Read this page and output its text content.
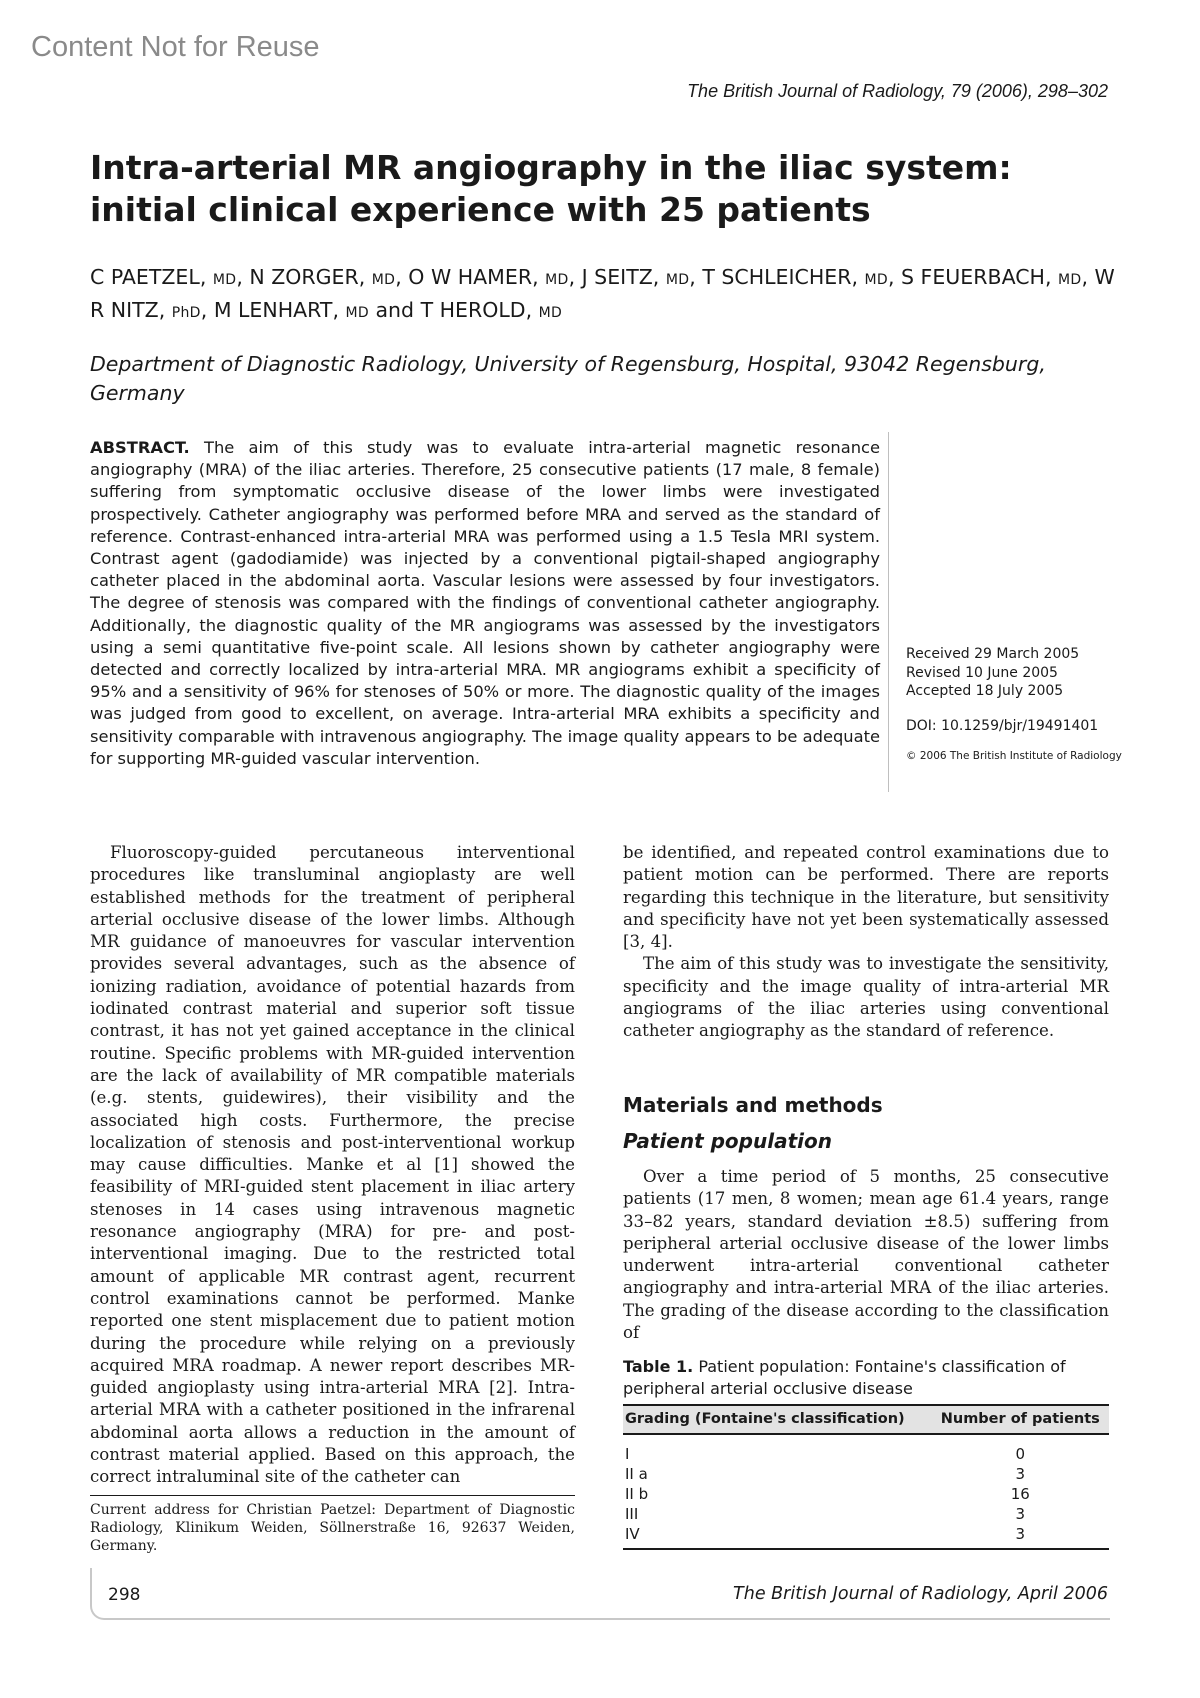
Content Not for Reuse
The British Journal of Radiology, 79 (2006), 298–302
Intra-arterial MR angiography in the iliac system: initial clinical experience with 25 patients
C PAETZEL, MD, N ZORGER, MD, O W HAMER, MD, J SEITZ, MD, T SCHLEICHER, MD, S FEUERBACH, MD, W R NITZ, PhD, M LENHART, MD and T HEROLD, MD
Department of Diagnostic Radiology, University of Regensburg, Hospital, 93042 Regensburg, Germany
ABSTRACT. The aim of this study was to evaluate intra-arterial magnetic resonance angiography (MRA) of the iliac arteries. Therefore, 25 consecutive patients (17 male, 8 female) suffering from symptomatic occlusive disease of the lower limbs were investigated prospectively. Catheter angiography was performed before MRA and served as the standard of reference. Contrast-enhanced intra-arterial MRA was performed using a 1.5 Tesla MRI system. Contrast agent (gadodiamide) was injected by a conventional pigtail-shaped angiography catheter placed in the abdominal aorta. Vascular lesions were assessed by four investigators. The degree of stenosis was compared with the findings of conventional catheter angiography. Additionally, the diagnostic quality of the MR angiograms was assessed by the investigators using a semi quantitative five-point scale. All lesions shown by catheter angiography were detected and correctly localized by intra-arterial MRA. MR angiograms exhibit a specificity of 95% and a sensitivity of 96% for stenoses of 50% or more. The diagnostic quality of the images was judged from good to excellent, on average. Intra-arterial MRA exhibits a specificity and sensitivity comparable with intravenous angiography. The image quality appears to be adequate for supporting MR-guided vascular intervention.
Received 29 March 2005
Revised 10 June 2005
Accepted 18 July 2005
DOI: 10.1259/bjr/19491401
© 2006 The British Institute of Radiology

Fluoroscopy-guided percutaneous interventional procedures like transluminal angioplasty are well established methods for the treatment of peripheral arterial occlusive disease of the lower limbs. Although MR guidance of manoeuvres for vascular intervention provides several advantages, such as the absence of ionizing radiation, avoidance of potential hazards from iodinated contrast material and superior soft tissue contrast, it has not yet gained acceptance in the clinical routine. Specific problems with MR-guided intervention are the lack of availability of MR compatible materials (e.g. stents, guidewires), their visibility and the associated high costs. Furthermore, the precise localization of stenosis and post-interventional workup may cause difficulties. Manke et al [1] showed the feasibility of MRI-guided stent placement in iliac artery stenoses in 14 cases using intravenous magnetic resonance angiography (MRA) for pre- and post-interventional imaging. Due to the restricted total amount of applicable MR contrast agent, recurrent control examinations cannot be performed. Manke reported one stent misplacement due to patient motion during the procedure while relying on a previously acquired MRA roadmap. A newer report describes MR-guided angioplasty using intra-arterial MRA [2]. Intra-arterial MRA with a catheter positioned in the infrarenal abdominal aorta allows a reduction in the amount of contrast material applied. Based on this approach, the correct intraluminal site of the catheter can

be identified, and repeated control examinations due to patient motion can be performed. There are reports regarding this technique in the literature, but sensitivity and specificity have not yet been systematically assessed [3, 4].

The aim of this study was to investigate the sensitivity, specificity and the image quality of intra-arterial MR angiograms of the iliac arteries using conventional catheter angiography as the standard of reference.

Materials and methods
Patient population

Over a time period of 5 months, 25 consecutive patients (17 men, 8 women; mean age 61.4 years, range 33–82 years, standard deviation ±8.5) suffering from peripheral arterial occlusive disease of the lower limbs underwent intra-arterial conventional catheter angiography and intra-arterial MRA of the iliac arteries. The grading of the disease according to the classification of

Current address for Christian Paetzel: Department of Diagnostic Radiology, Klinikum Weiden, Söllnerstraße 16, 92637 Weiden, Germany.
Table 1. Patient population: Fontaine's classification of peripheral arterial occlusive disease
Grading (Fontaine's classification)	Number of patients
I	0
II a	3
II b	16
III	3
IV	3
298	The British Journal of Radiology, April 2006
